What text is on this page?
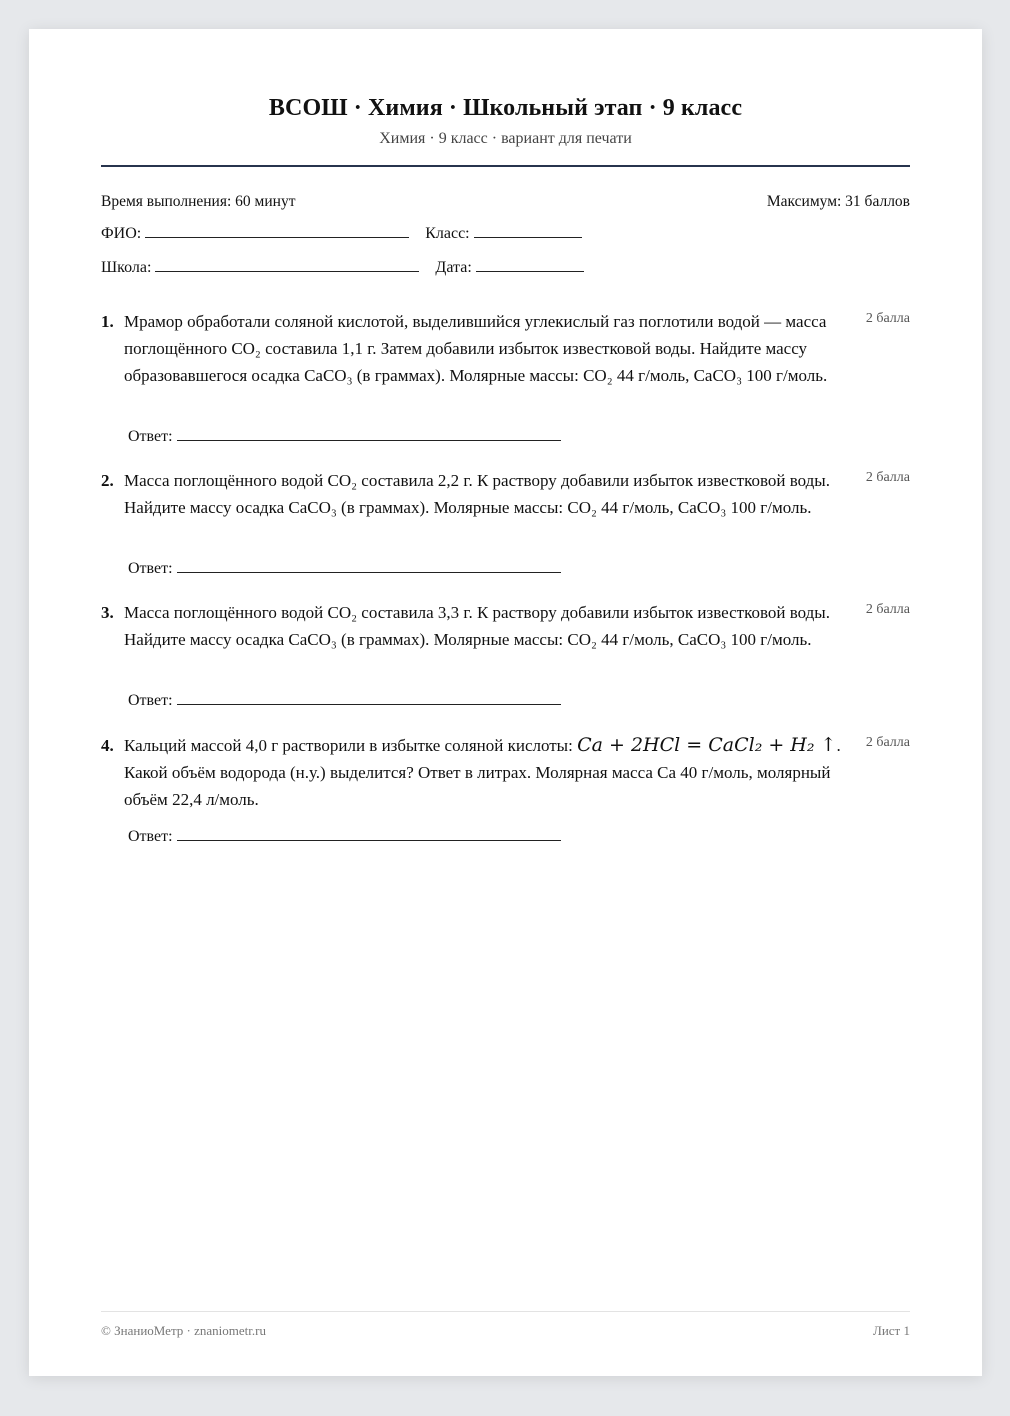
ВСОШ · Химия · Школьный этап · 9 класс
Химия · 9 класс · вариант для печати
Время выполнения: 60 минут	Максимум: 31 баллов
ФИО:	Класс:
Школа:	Дата:
1. Мрамор обработали соляной кислотой, выделившийся углекислый газ поглотили водой — масса поглощённого CO₂ составила 1,1 г. Затем добавили избыток известковой воды. Найдите массу образовавшегося осадка CaCO₃ (в граммах). Молярные массы: CO₂ 44 г/моль, CaCO₃ 100 г/моль.
2 балла
Ответ:
2. Масса поглощённого водой CO₂ составила 2,2 г. К раствору добавили избыток известковой воды. Найдите массу осадка CaCO₃ (в граммах). Молярные массы: CO₂ 44 г/моль, CaCO₃ 100 г/моль.
2 балла
Ответ:
3. Масса поглощённого водой CO₂ составила 3,3 г. К раствору добавили избыток известковой воды. Найдите массу осадка CaCO₃ (в граммах). Молярные массы: CO₂ 44 г/моль, CaCO₃ 100 г/моль.
2 балла
Ответ:
4. Кальций массой 4,0 г растворили в избытке соляной кислоты: Ca + 2HCl = CaCl₂ + H₂ ↑. Какой объём водорода (н.у.) выделится? Ответ в литрах. Молярная масса Ca 40 г/моль, молярный объём 22,4 л/моль.
2 балла
Ответ:
© ЗнаниоМетр · znaniometr.ru	Лист 1
